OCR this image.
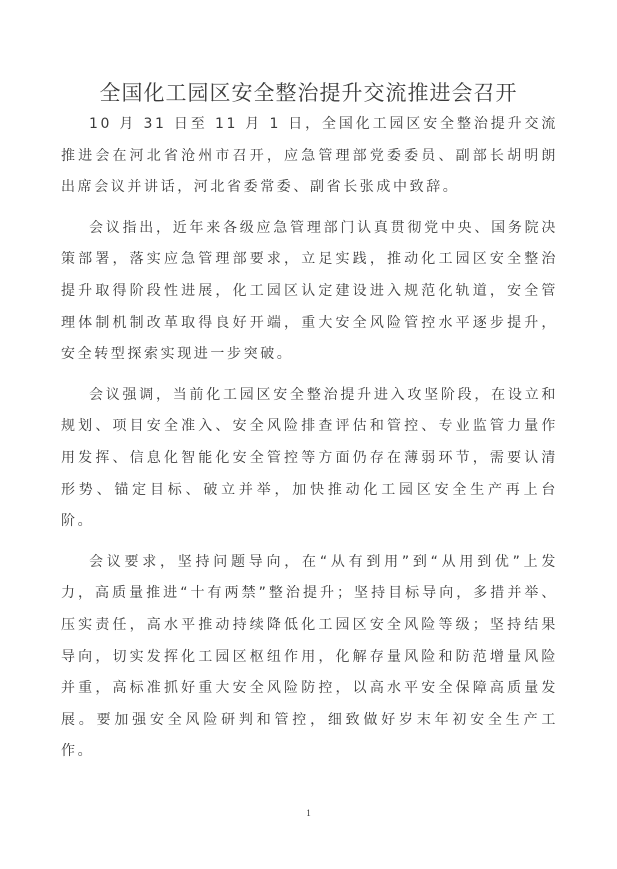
全国化工园区安全整治提升交流推进会召开

10 月 31 日至 11 月 1 日，全国化工园区安全整治提升交流推进会在河北省沧州市召开，应急管理部党委委员、副部长胡明朗出席会议并讲话，河北省委常委、副省长张成中致辞。

会议指出，近年来各级应急管理部门认真贯彻党中央、国务院决策部署，落实应急管理部要求，立足实践，推动化工园区安全整治提升取得阶段性进展，化工园区认定建设进入规范化轨道，安全管理体制机制改革取得良好开端，重大安全风险管控水平逐步提升，安全转型探索实现进一步突破。

会议强调，当前化工园区安全整治提升进入攻坚阶段，在设立和规划、项目安全准入、安全风险排查评估和管控、专业监管力量作用发挥、信息化智能化安全管控等方面仍存在薄弱环节，需要认清形势、锚定目标、破立并举，加快推动化工园区安全生产再上台阶。

会议要求，坚持问题导向，在“从有到用”到“从用到优”上发力，高质量推进“十有两禁”整治提升；坚持目标导向，多措并举、压实责任，高水平推动持续降低化工园区安全风险等级；坚持结果导向，切实发挥化工园区枢纽作用，化解存量风险和防范增量风险并重，高标准抓好重大安全风险防控，以高水平安全保障高质量发展。要加强安全风险研判和管控，细致做好岁末年初安全生产工作。

1
